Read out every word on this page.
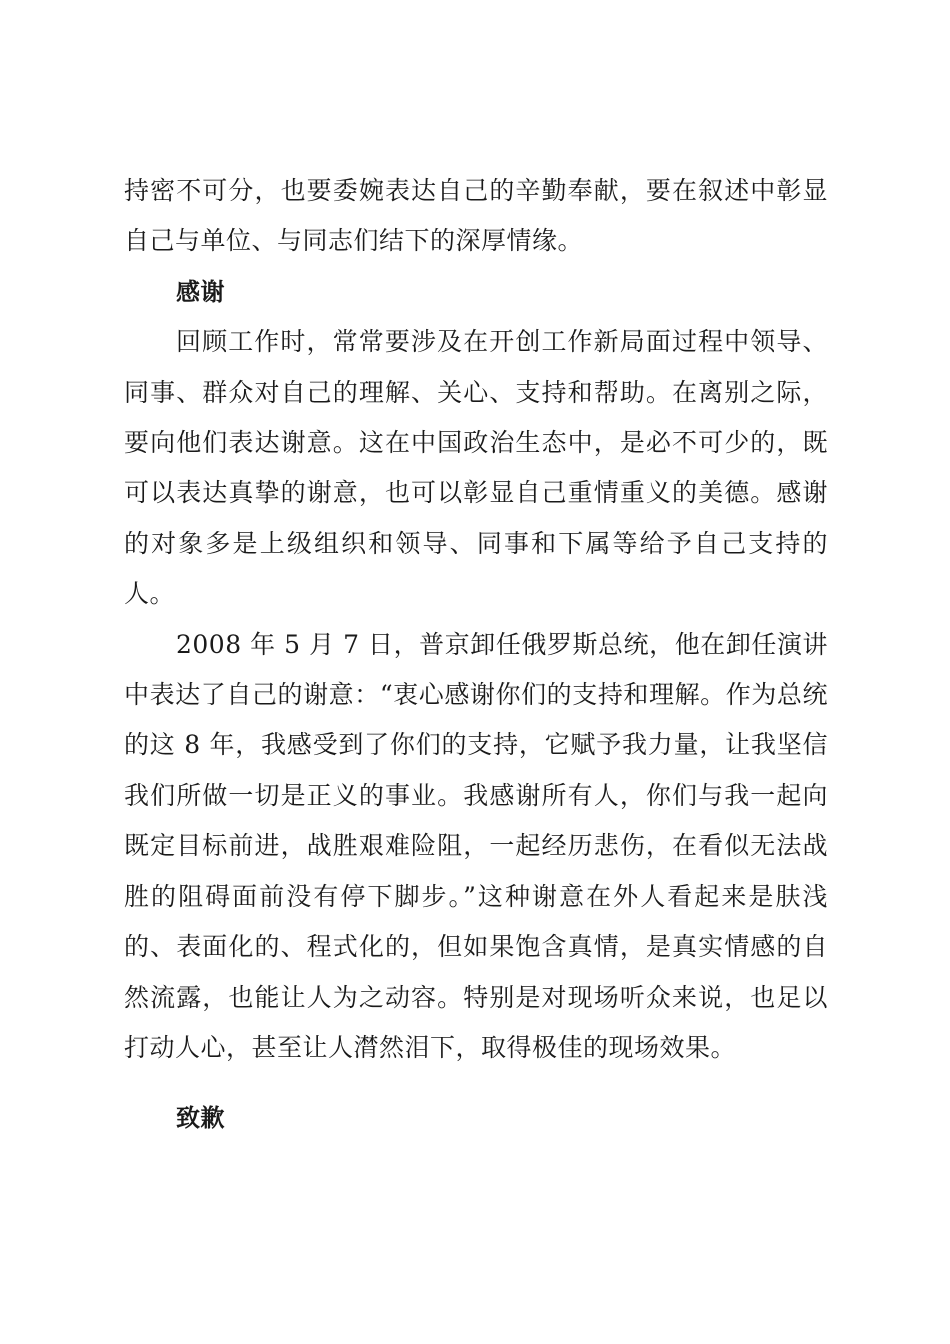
持密不可分，也要委婉表达自己的辛勤奉献，要在叙述中彰显自己与单位、与同志们结下的深厚情缘。

感谢

回顾工作时，常常要涉及在开创工作新局面过程中领导、同事、群众对自己的理解、关心、支持和帮助。在离别之际，要向他们表达谢意。这在中国政治生态中，是必不可少的，既可以表达真挚的谢意，也可以彰显自己重情重义的美德。感谢的对象多是上级组织和领导、同事和下属等给予自己支持的人。

2008 年 5 月 7 日，普京卸任俄罗斯总统，他在卸任演讲中表达了自己的谢意：“衷心感谢你们的支持和理解。作为总统的这 8 年，我感受到了你们的支持，它赋予我力量，让我坚信我们所做一切是正义的事业。我感谢所有人，你们与我一起向既定目标前进，战胜艰难险阻，一起经历悲伤，在看似无法战胜的阻碍面前没有停下脚步。”这种谢意在外人看起来是肤浅的、表面化的、程式化的，但如果饱含真情，是真实情感的自然流露，也能让人为之动容。特别是对现场听众来说，也足以打动人心，甚至让人潸然泪下，取得极佳的现场效果。

致歉
